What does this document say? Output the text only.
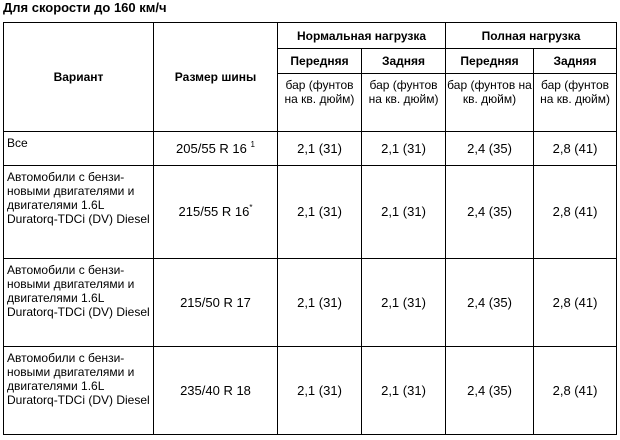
Для скорости до 160 км/ч
Вариант	Размер шины	Нормальная нагрузка		Полная нагрузка	
		Передняя	Задняя	Передняя	Задняя
		бар (фунтов на кв. дюйм)	бар (фунтов на кв. дюйм)	бар (фунтов на кв. дюйм)	бар (фунтов на кв. дюйм)
Все	205/55 R 16 $^1$	2,1 (31)	2,1 (31)	2,4 (35)	2,8 (41)
Автомобили с бензи- новыми двигателями и двигателями 1.6L Duratorq-TDCi (DV) Diesel	215/55 R 16*	2,1 (31)	2,1 (31)	2,4 (35)	2,8 (41)
Автомобили с бензи- новыми двигателями и двигателями 1.6L Duratorq-TDCi (DV) Diesel	215/50 R 17	2,1 (31)	2,1 (31)	2,4 (35)	2,8 (41)
Автомобили с бензи- новыми двигателями и двигателями 1.6L Duratorq-TDCi (DV) Diesel	235/40 R 18	2,1 (31)	2,1 (31)	2,4 (35)	2,8 (41)
